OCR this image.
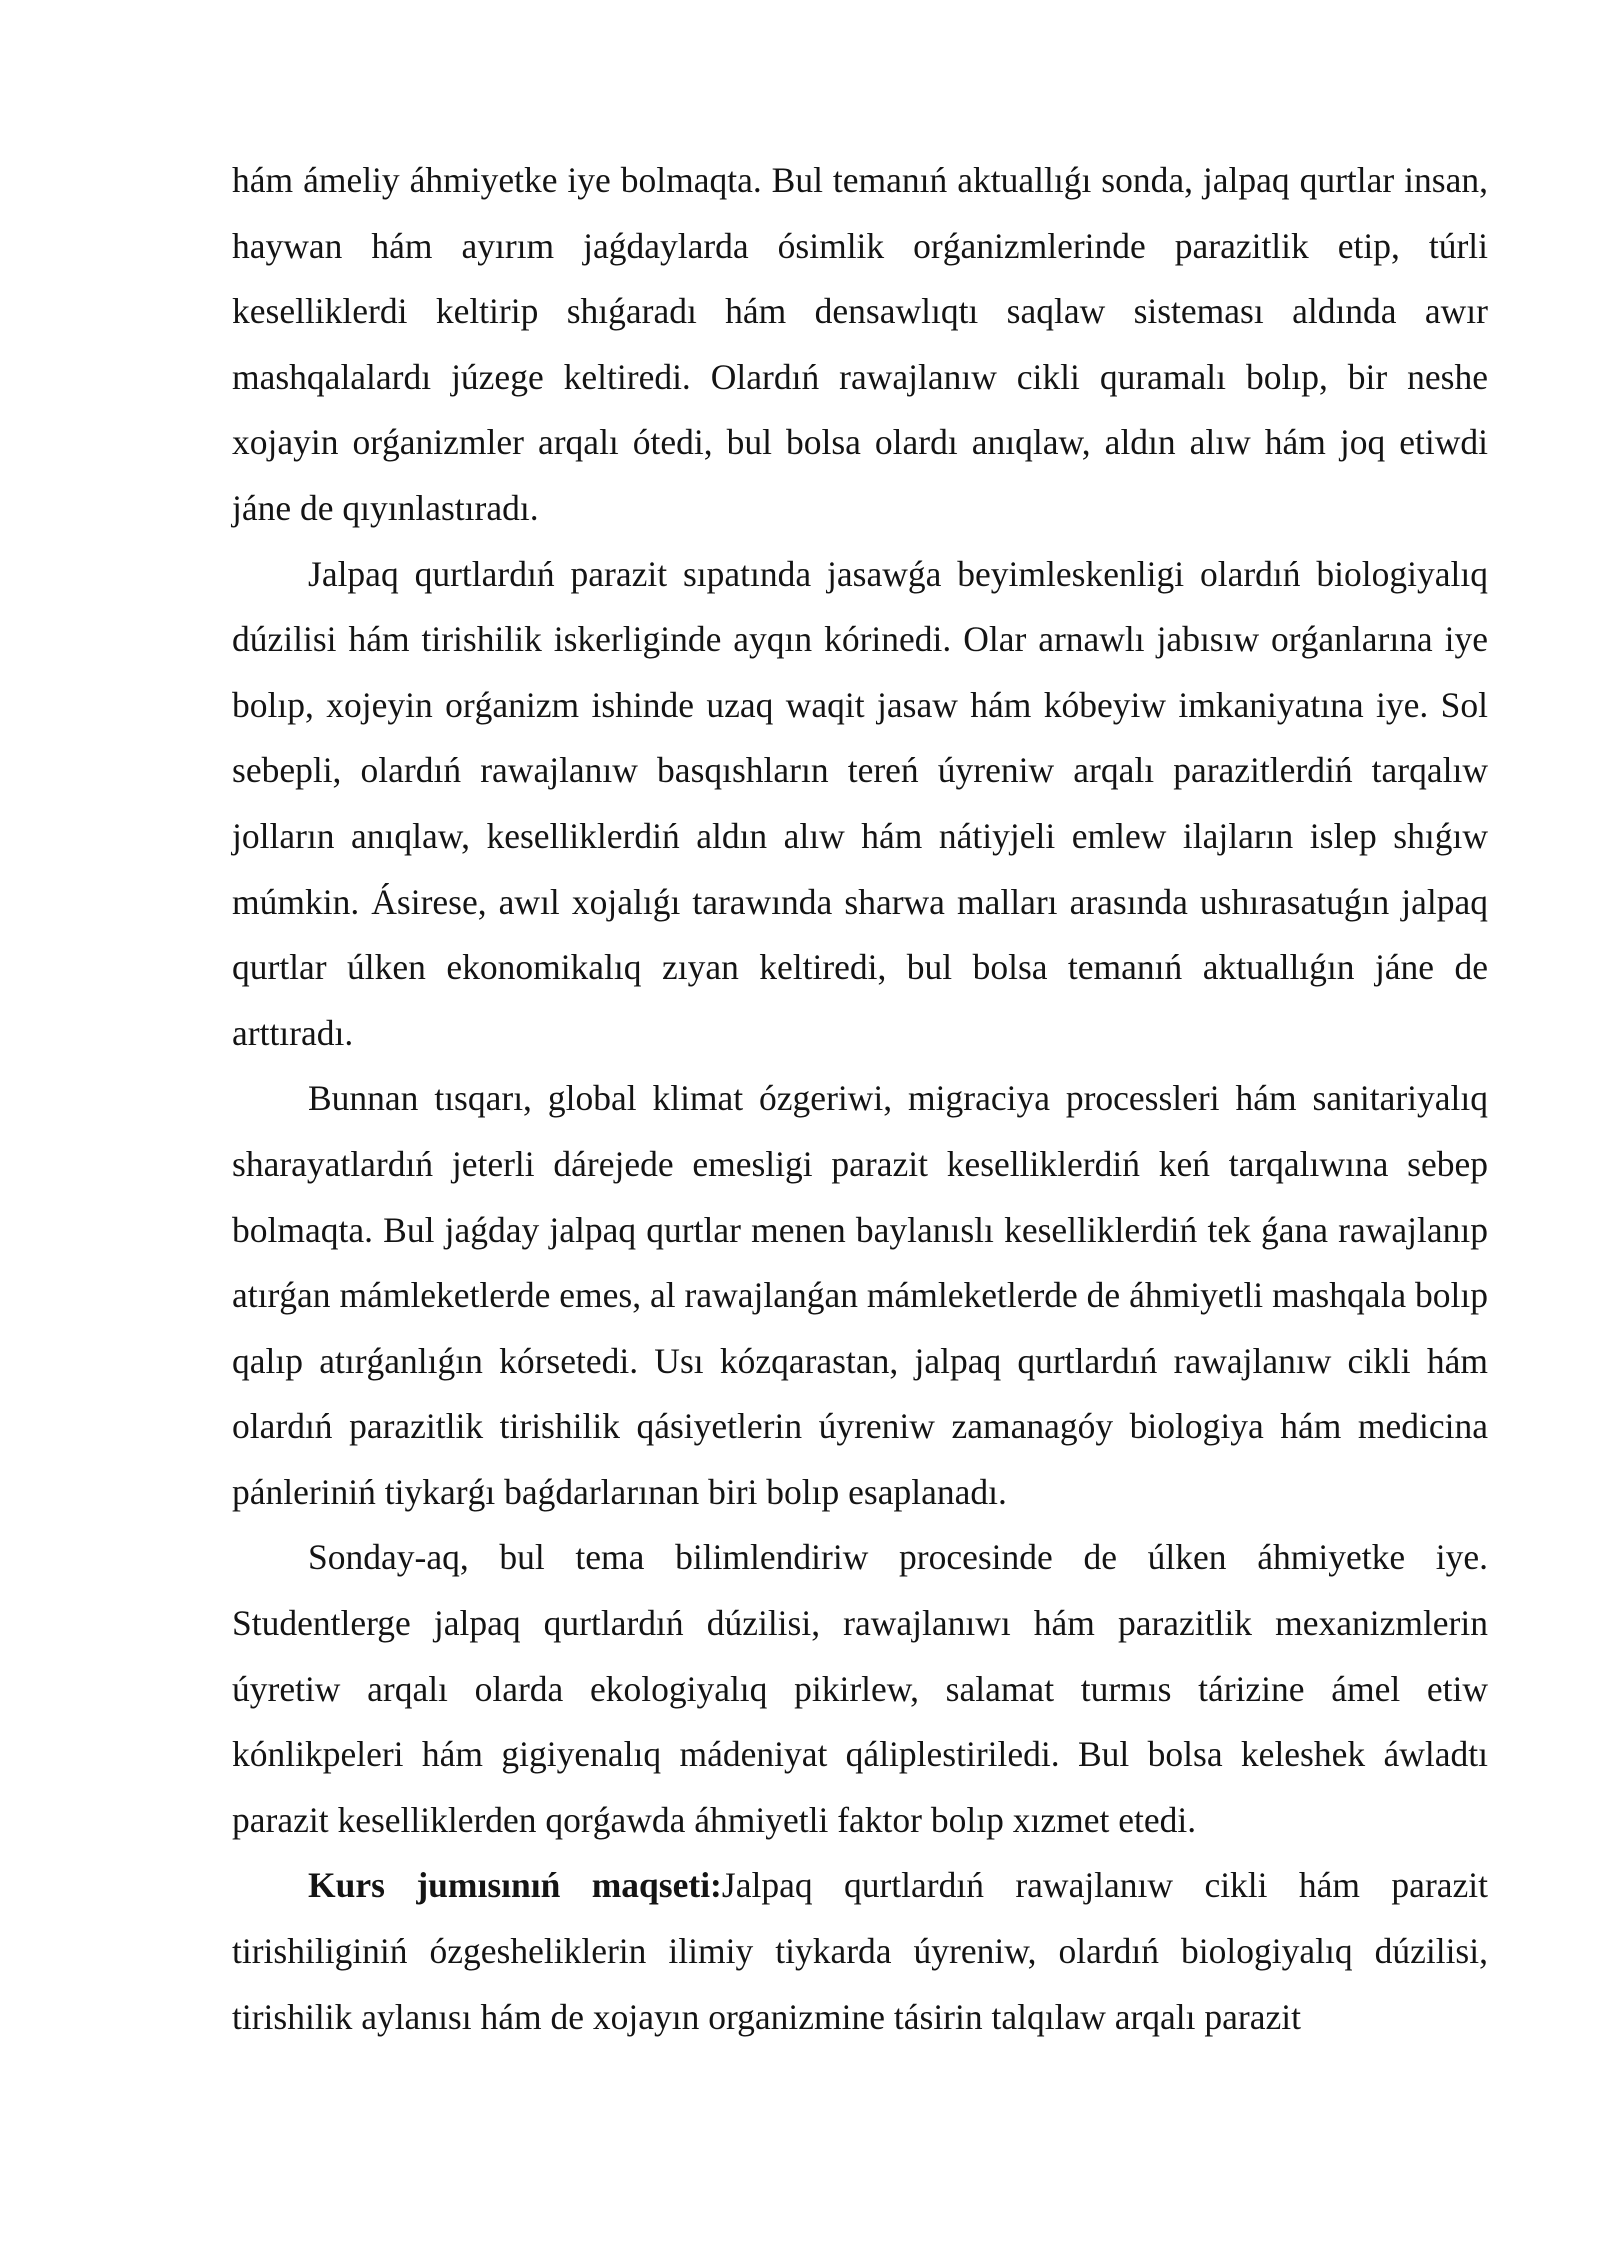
hám ámeliy áhmiyetke iye bolmaqta. Bul temanıń aktuallıǵı sonda, jalpaq qurtlar insan, haywan hám ayırım jaǵdaylarda ósimlik orǵanizmlerinde parazitlik etip, túrli keselliklerdi keltirip shıǵaradı hám densawlıqtı saqlaw sisteması aldında awır mashqalalardı júzege keltiredi. Olardıń rawajlanıw cikli quramalı bolıp, bir neshe xojayin orǵanizmler arqalı ótedi, bul bolsa olardı anıqlaw, aldın alıw hám joq etiwdi jáne de qıyınlastıradı.

Jalpaq qurtlardıń parazit sıpatında jasawǵa beyimleskenligi olardıń biologiyalıq dúzilisi hám tirishilik iskerliginde ayqın kórinedi. Olar arnawlı jabısıw orǵanlarına iye bolıp, xojeyin orǵanizm ishinde uzaq waqit jasaw hám kóbeyiw imkaniyatına iye. Sol sebepli, olardıń rawajlanıw basqıshların tereń úyreniw arqalı parazitlerdiń tarqalıw jolların anıqlaw, keselliklerdiń aldın alıw hám nátiyjeli emlew ilajların islep shıǵıw múmkin. Ásirese, awıl xojalıǵı tarawında sharwa malları arasında ushırasatuǵın jalpaq qurtlar úlken ekonomikalıq zıyan keltiredi, bul bolsa temanıń aktuallıǵın jáne de arttıradı.

Bunnan tısqarı, global klimat ózgeriwi, migraciya processleri hám sanitariyalıq sharayatlardıń jeterli dárejede emesligi parazit keselliklerdiń keń tarqalıwına sebep bolmaqta. Bul jaǵday jalpaq qurtlar menen baylanıslı keselliklerdiń tek ǵana rawajlanıp atırǵan mámleketlerde emes, al rawajlanǵan mámleketlerde de áhmiyetli mashqala bolıp qalıp atırǵanlıǵın kórsetedi. Usı kózqarastan, jalpaq qurtlardıń rawajlanıw cikli hám olardıń parazitlik tirishilik qásiyetlerin úyreniw zamanagóy biologiya hám medicina pánleriniń tiykarǵı baǵdarlarınan biri bolıp esaplanadı.

Sonday-aq, bul tema bilimlendiriw procesinde de úlken áhmiyetke iye. Studentlerge jalpaq qurtlardıń dúzilisi, rawajlanıwı hám parazitlik mexanizmlerin úyretiw arqalı olarda ekologiyalıq pikirlew, salamat turmıs tárizine ámel etiw kónlikpeleri hám gigiyenalıq mádeniyat qáliplestiriledi. Bul bolsa keleshek áwladtı parazit keselliklerden qorǵawda áhmiyetli faktor bolıp xızmet etedi.

Kurs jumısınıń maqseti:Jalpaq qurtlardıń rawajlanıw cikli hám parazit tirishiliginiń ózgesheliklerin ilimiy tiykarda úyreniw, olardıń biologiyalıq dúzilisi, tirishilik aylanısı hám de xojayın organizmine tásirin talqılaw arqalı parazit
